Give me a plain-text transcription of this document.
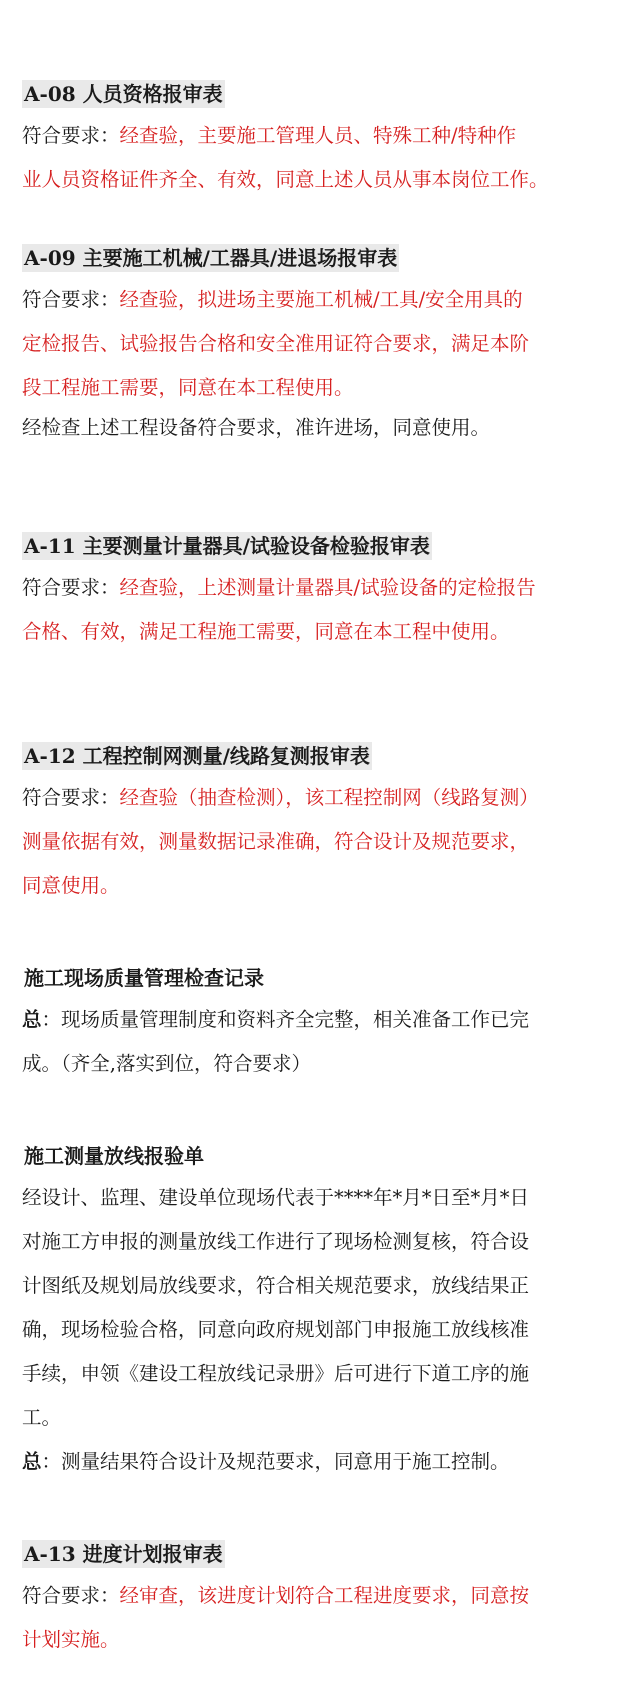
A-08 人员资格报审表
符合要求：经查验，主要施工管理人员、特殊工种/特种作
业人员资格证件齐全、有效，同意上述人员从事本岗位工作。
A-09 主要施工机械/工器具/进退场报审表
符合要求：经查验，拟进场主要施工机械/工具/安全用具的
定检报告、试验报告合格和安全准用证符合要求，满足本阶
段工程施工需要，同意在本工程使用。
经检查上述工程设备符合要求，准许进场，同意使用。
A-11 主要测量计量器具/试验设备检验报审表
符合要求：经查验，上述测量计量器具/试验设备的定检报告
合格、有效，满足工程施工需要，同意在本工程中使用。
A-12 工程控制网测量/线路复测报审表
符合要求：经查验（抽查检测），该工程控制网（线路复测）
测量依据有效，测量数据记录准确，符合设计及规范要求，
同意使用。
施工现场质量管理检查记录
总：现场质量管理制度和资料齐全完整，相关准备工作已完
成。（齐全,落实到位，符合要求）
施工测量放线报验单
经设计、监理、建设单位现场代表于****年*月*日至*月*日
对施工方申报的测量放线工作进行了现场检测复核，符合设
计图纸及规划局放线要求，符合相关规范要求，放线结果正
确，现场检验合格，同意向政府规划部门申报施工放线核准
手续，申领《建设工程放线记录册》后可进行下道工序的施
工。
总：测量结果符合设计及规范要求，同意用于施工控制。
A-13 进度计划报审表
符合要求：经审查，该进度计划符合工程进度要求，同意按
计划实施。
